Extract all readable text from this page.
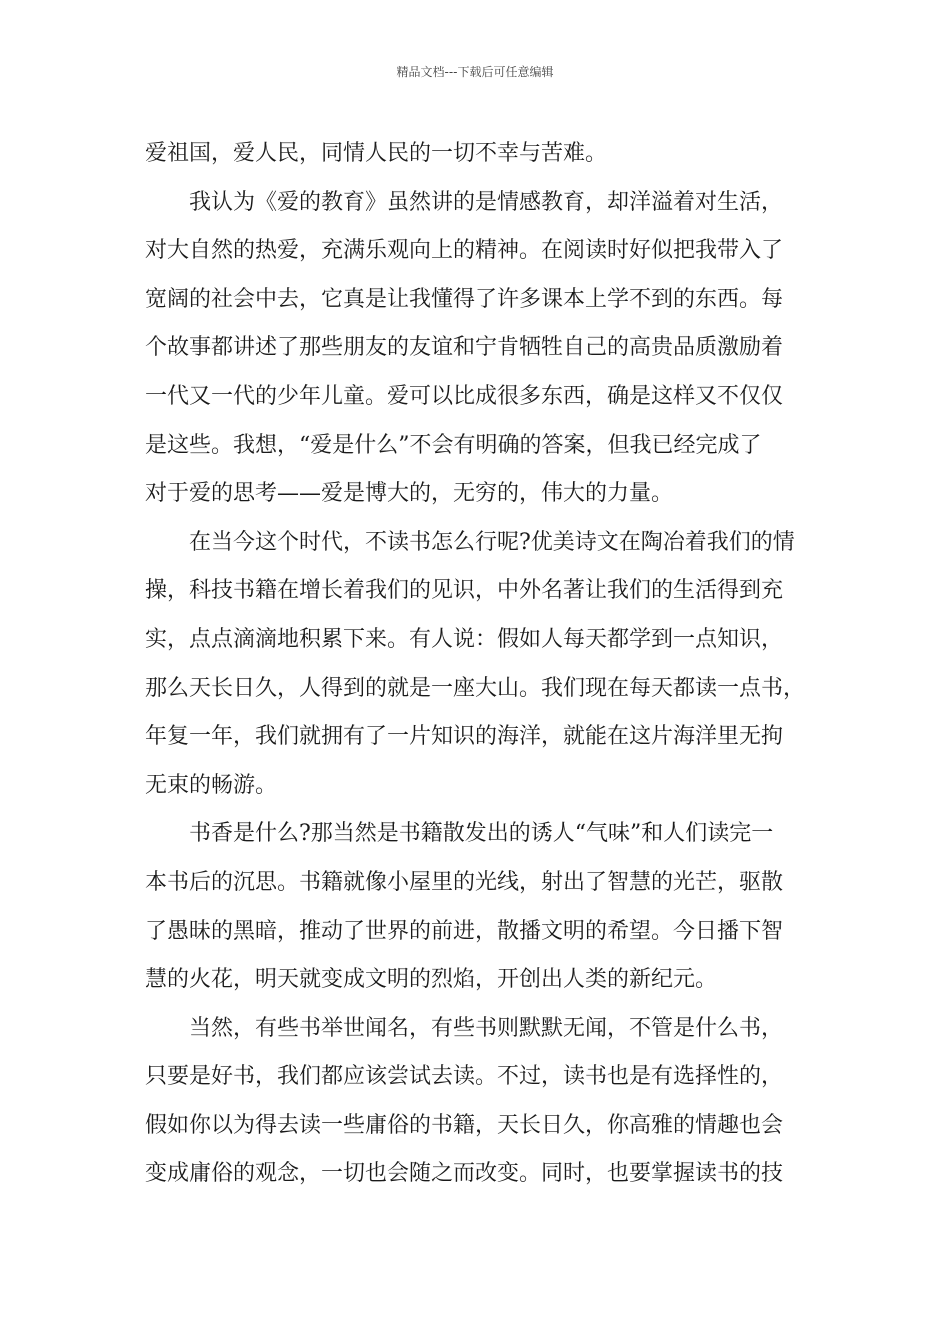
精品文档---下载后可任意编辑
爱祖国，爱人民，同情人民的一切不幸与苦难。
我认为《爱的教育》虽然讲的是情感教育，却洋溢着对生活，
对大自然的热爱，充满乐观向上的精神。在阅读时好似把我带入了
宽阔的社会中去，它真是让我懂得了许多课本上学不到的东西。每
个故事都讲述了那些朋友的友谊和宁肯牺牲自己的高贵品质激励着
一代又一代的少年儿童。爱可以比成很多东西，确是这样又不仅仅
是这些。我想，“爱是什么”不会有明确的答案，但我已经完成了
对于爱的思考——爱是博大的，无穷的，伟大的力量。
在当今这个时代，不读书怎么行呢?优美诗文在陶冶着我们的情
操，科技书籍在增长着我们的见识，中外名著让我们的生活得到充
实，点点滴滴地积累下来。有人说：假如人每天都学到一点知识，
那么天长日久，人得到的就是一座大山。我们现在每天都读一点书，
年复一年，我们就拥有了一片知识的海洋，就能在这片海洋里无拘
无束的畅游。
书香是什么?那当然是书籍散发出的诱人“气味”和人们读完一
本书后的沉思。书籍就像小屋里的光线，射出了智慧的光芒，驱散
了愚昧的黑暗，推动了世界的前进，散播文明的希望。今日播下智
慧的火花，明天就变成文明的烈焰，开创出人类的新纪元。
当然，有些书举世闻名，有些书则默默无闻，不管是什么书，
只要是好书，我们都应该尝试去读。不过，读书也是有选择性的，
假如你以为得去读一些庸俗的书籍，天长日久，你高雅的情趣也会
变成庸俗的观念，一切也会随之而改变。同时，也要掌握读书的技
